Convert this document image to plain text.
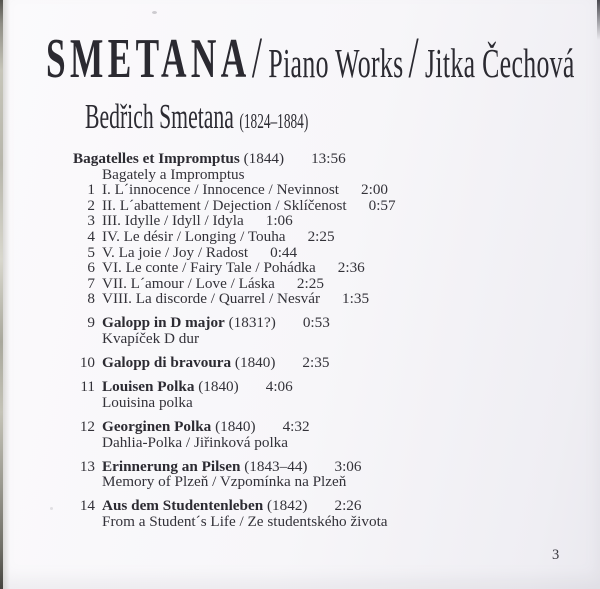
SMETANA/ Piano Works/ Jitka Čechová
Bedřich Smetana (1824–1884)
Bagatelles et Impromptus (1844) 13:56
Bagately a Impromptus
1 I. L´innocence / Innocence / Nevinnost 2:00
2 II. L´abattement / Dejection / Sklíčenost 0:57
3 III. Idylle / Idyll / Idyla 1:06
4 IV. Le désir / Longing / Touha 2:25
5 V. La joie / Joy / Radost 0:44
6 VI. Le conte / Fairy Tale / Pohádka 2:36
7 VII. L´amour / Love / Láska 2:25
8 VIII. La discorde / Quarrel / Nesvár 1:35
9 Galopp in D major (1831?) 0:53
Kvapíček D dur
10 Galopp di bravoura (1840) 2:35
11 Louisen Polka (1840) 4:06
Louisina polka
12 Georginen Polka (1840) 4:32
Dahlia-Polka / Jiřinková polka
13 Erinnerung an Pilsen (1843–44) 3:06
Memory of Plzeň / Vzpomínka na Plzeň
14 Aus dem Studentenleben (1842) 2:26
From a Student´s Life / Ze studentského života
3
